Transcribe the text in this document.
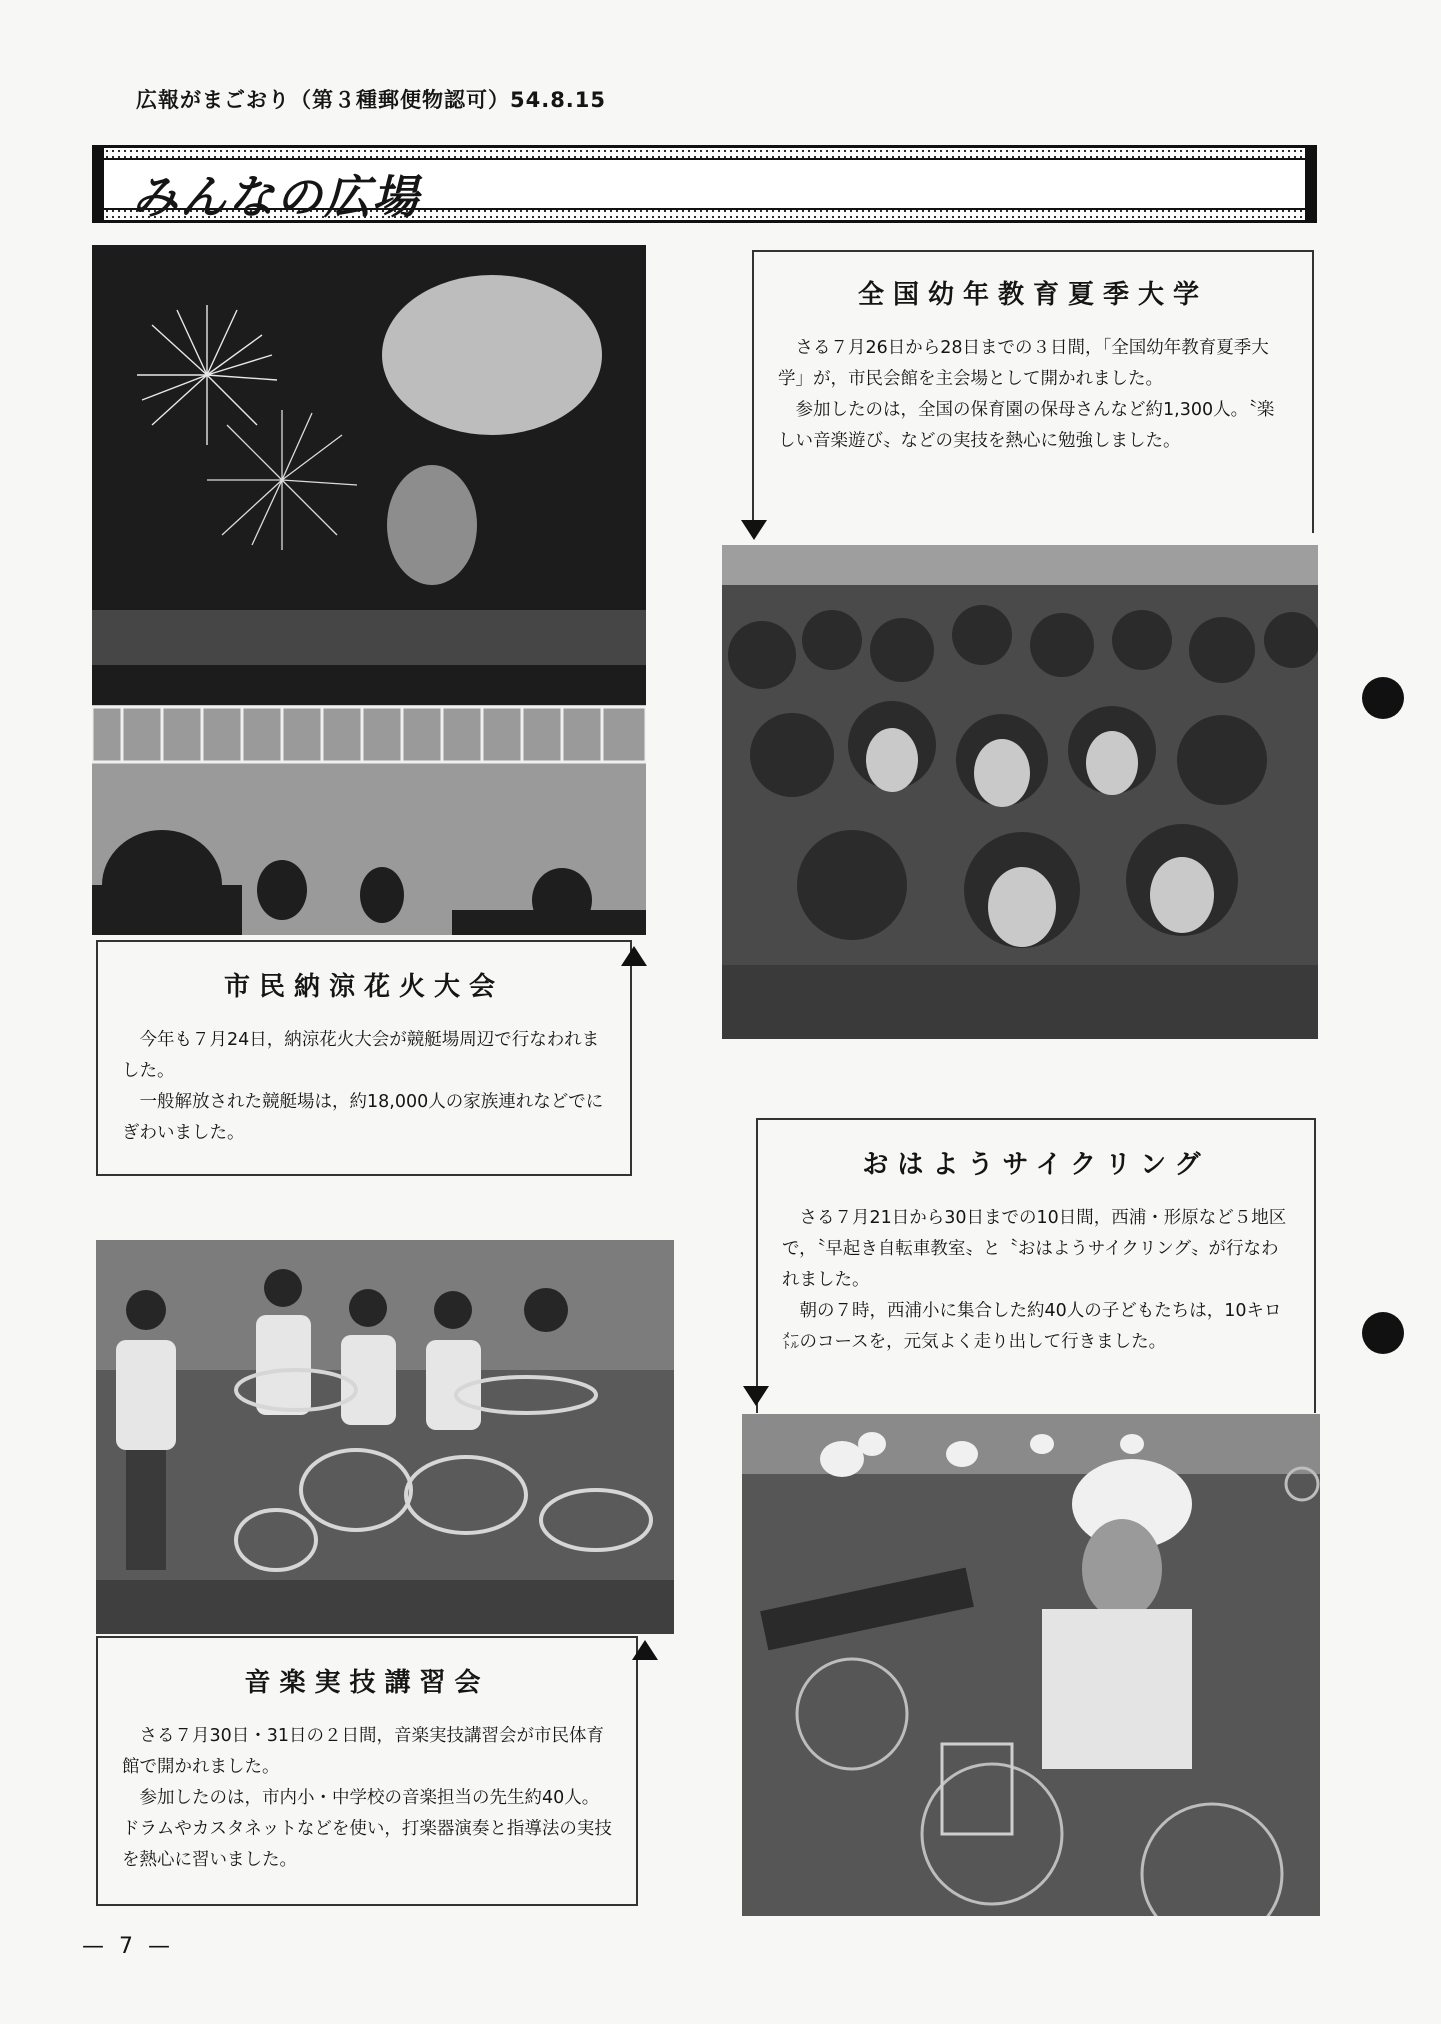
広報がまごおり（第３種郵便物認可）54.8.15
みんなの広場
全国幼年教育夏季大学

さる７月26日から28日までの３日間，「全国幼年教育夏季大学」が，市民会館を主会場として開かれました。

参加したのは，全国の保育園の保母さんなど約1,300人。〝楽しい音楽遊び〟などの実技を熱心に勉強しました。

市民納涼花火大会

今年も７月24日，納涼花火大会が競艇場周辺で行なわれました。

一般解放された競艇場は，約18,000人の家族連れなどでにぎわいました。

おはようサイクリング

さる７月21日から30日までの10日間，西浦・形原など５地区で，〝早起き自転車教室〟と〝おはようサイクリング〟が行なわれました。

朝の７時，西浦小に集合した約40人の子どもたちは，10キロ㍍のコースを，元気よく走り出して行きました。

音楽実技講習会

さる７月30日・31日の２日間，音楽実技講習会が市民体育館で開かれました。

参加したのは，市内小・中学校の音楽担当の先生約40人。ドラムやカスタネットなどを使い，打楽器演奏と指導法の実技を熱心に習いました。

— 7 —
